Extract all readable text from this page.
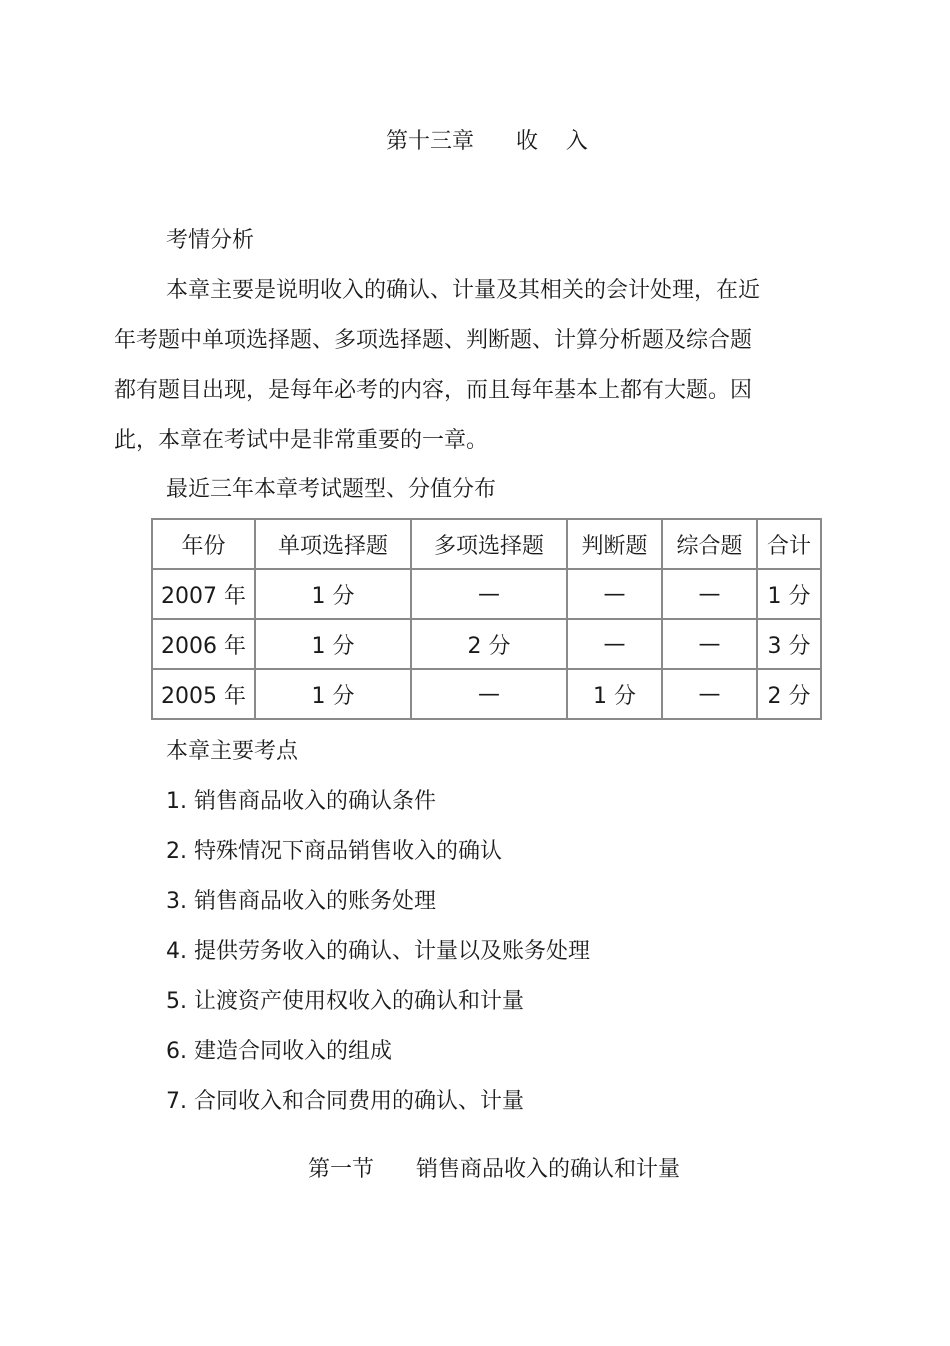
第十三章      收    入
考情分析
本章主要是说明收入的确认、计量及其相关的会计处理，在近
年考题中单项选择题、多项选择题、判断题、计算分析题及综合题
都有题目出现，是每年必考的内容，而且每年基本上都有大题。因
此，本章在考试中是非常重要的一章。
最近三年本章考试题型、分值分布
年份	单项选择题	多项选择题	判断题	综合题	合计
2007 年	1 分	—	—	—	1 分
2006 年	1 分	2 分	—	—	3 分
2005 年	1 分	—	1 分	—	2 分
本章主要考点
1. 销售商品收入的确认条件
2. 特殊情况下商品销售收入的确认
3. 销售商品收入的账务处理
4. 提供劳务收入的确认、计量以及账务处理
5. 让渡资产使用权收入的确认和计量
6. 建造合同收入的组成
7. 合同收入和合同费用的确认、计量
第一节      销售商品收入的确认和计量
